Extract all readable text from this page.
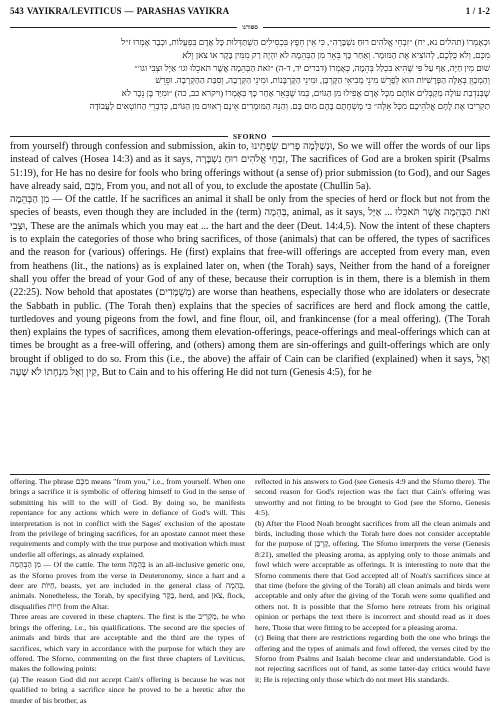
543 VAYIKRA/LEVITICUS — PARASHAS VAYIKRA	1 / 1-2
ספורנו
וּכְאָמְרוֹ (תהלים נא, יח) ״זִבְחֵי אֱלֹהִים רוּחַ נִשְׁבָּרָה״, כִּי אֵין חֵפֶץ בִּכְסִילִים הַשְׁתַּדְּלוּת כָּל אָדָם בִּפְעֻלּוֹת, וּכְבָר אָמְרוּ ז״ל
מִכֶּם, וְלֹא כֻּלְּכֶם, לְהוֹצִיא אֶת הַמּוּמָר. וְאַחַר כָּךְ בֵּאֵר מִן הַבְּהֵמָה לֹא יִהְיֶה רַק מִמִּין בָּקָר אוֹ צֹאן וְלֹא
שׁוּם מִין חַיָּה, אַף עַל פִּי שֶׁהִיא בִּכְלַל בְּהֵמָה, כְּאָמְרוֹ (דברים יד, ד-ה) ״זֹאת הַבְּהֵמָה אֲשֶׁר תֹּאכֵלוּ וגו׳ אַיָּל וּצְבִי וגו׳״
וְהַמְכַוֵּן בְּאֵלֶּה הַפְּרָשִׁיּוֹת הוּא לְפָרֵשׁ מִינֵי מְבִיאֵי הַקָּרְבָּן, וּמִינֵי הַקָּרְבָּנוֹת, וּמִינֵי הַקְּרָבָה, וְסִבַּת הַהַקְרָבָה. וּפֵרֵשׁ
שֶׁבְּנִדְבַת עוֹלָה מְקַבְּלִים אוֹתָם מִכָּל אָדָם אֲפִילוּ מִן הַגּוֹיִם, כְּמוֹ שֶׁבֵּאֵר אַחַר כָּךְ בְּאָמְרוֹ (ויקרא כב, כה) ״וּמִיַּד בֶּן נֵכָר לֹא
תַקְרִיבוּ אֶת לֶחֶם אֱלֹהֵיכֶם מִכָּל אֵלֶּה״ כִּי מָשְׁחָתָם בָּהֶם מוּם בָּם. וְהַנֵּה הַמּוּמָרִים אֵינָם רְאוּיִם מִן הַגּוֹיִם, כְּדִבְרֵי הַחוֹטְאִים לַעֲבוֹדָה
SFORNO

from yourself) through confession and submission, akin to, וּנְשַׁלְּמָה פָרִים שְׂפָתֵינוּ, So we will offer the words of our lips instead of calves (Hosea 14:3) and as it says, זִבְחֵי אֱלֹהִים רוּחַ נִשְׁבָּרָה, The sacrifices of God are a broken spirit (Psalms 51:19), for He has no desire for fools who bring offerings without (a sense of) prior submission (to God), and our Sages have already said, מִכֶּם, From you, and not all of you, to exclude the apostate (Chullin 5a).

מִן הַבְּהֵמָה — Of the cattle. If he sacrifices an animal it shall be only from the species of herd or flock but not from the species of beasts, even though they are included in the (term) בְּהֵמָה, animal, as it says, זֹאת הַבְּהֵמָה אֲשֶׁר תֹּאכֵלוּ ... אַיָּל וּצְבִי, These are the animals which you may eat ... the hart and the deer (Deut. 14:4,5). Now the intent of these chapters is to explain the categories of those who bring sacrifices, of those (animals) that can be offered, the types of sacrifices and the reason for (various) offerings. He (first) explains that free-will offerings are accepted from every man, even from heathens (lit., the nations) as is explained later on, when (the Torah) says, Neither from the hand of a foreigner shall you offer the bread of your God of any of these, because their corruption is in them, there is a blemish in them (22:25). Now behold that apostates (מְשֻׁמָּדִים) are worse than heathens, especially those who are idolaters or desecrate the Sabbath in public. (The Torah then) explains that the species of sacrifices are herd and flock among the cattle, turtledoves and young pigeons from the fowl, and fine flour, oil, and frankincense (for a meal offering). (The Torah then) explains the types of sacrifices, among them elevation-offerings, peace-offerings and meal-offerings which can at times be brought as a free-will offering, and (others) among them are sin-offerings and guilt-offerings which are only brought if obliged to do so. From this (i.e., the above) the affair of Cain can be clarified (explained) when it says, וְאֶל קַיִן וְאֶל מִנְחָתוֹ לֹא שָׁעָה, But to Cain and to his offering He did not turn (Genesis 4:5), for he

offering. The phrase מִכֶּם means "from you," i.e., from yourself. When one brings a sacrifice it is symbolic of offering himself to God in the sense of submitting his will to the will of God. By doing so, he manifests repentance for any actions which were in defiance of God's will. This interpretation is not in conflict with the Sages' exclusion of the apostate from the privilege of bringing sacrifices, for an apostate cannot meet these requirements and comply with the true purpose and motivation which must underlie all offerings, as already explained.

מִן הַבְּהֵמָה — Of the cattle. The term בְּהֵמָה is an all-inclusive generic one, as the Sforno proves from the verse in Deuteronomy, since a hart and a deer are חַיּוֹת, beasts, yet are included in the general class of בְּהֵמָה, animals. Nonetheless, the Torah, by specifying בָּקָר, herd, and צֹאן, flock, disqualifies חַיּוֹת from the Altar.

Three areas are covered in these chapters. The first is the מַקְרִיב, he who brings the offering, i.e., his qualifications. The second are the species of animals and birds that are acceptable and the third are the types of sacrifices, which vary in accordance with the purpose for which they are offered. The Sforno, commenting on the first three chapters of Leviticus, makes the following points:

(a) The reason God did not accept Cain's offering is because he was not qualified to bring a sacrifice since he proved to be a heretic after the murder of his brother, as

reflected in his answers to God (see Genesis 4:9 and the Sforno there). The second reason for God's rejection was the fact that Cain's offering was unworthy and not fitting to be brought to God (see the Sforno, Genesis 4:5).

(b) After the Flood Noah brought sacrifices from all the clean animals and birds, including those which the Torah here does not consider acceptable for the purpose of קָרְבָּן, offering. The Sforno interprets the verse (Genesis 8:21), smelled the pleasing aroma, as applying only to those animals and fowl which were acceptable as offerings. It is interesting to note that the Sforno comments there that God accepted all of Noah's sacrifices since at that time (before the giving of the Torah) all clean animals and birds were acceptable and only after the giving of the Torah were some qualified and others not. It is possible that the Sforno here retreats from his original opinion or perhaps the text there is incorrect and should read as it does here, Those that were fitting to be accepted for a pleasing aroma.

(c) Being that there are restrictions regarding both the one who brings the offering and the types of animals and fowl offered, the verses cited by the Sforno from Psalms and Isaiah become clear and understandable. God is not rejecting sacrifices out of hand, as some latter-day critics would have it; He is rejecting only those which do not meet His standards.
